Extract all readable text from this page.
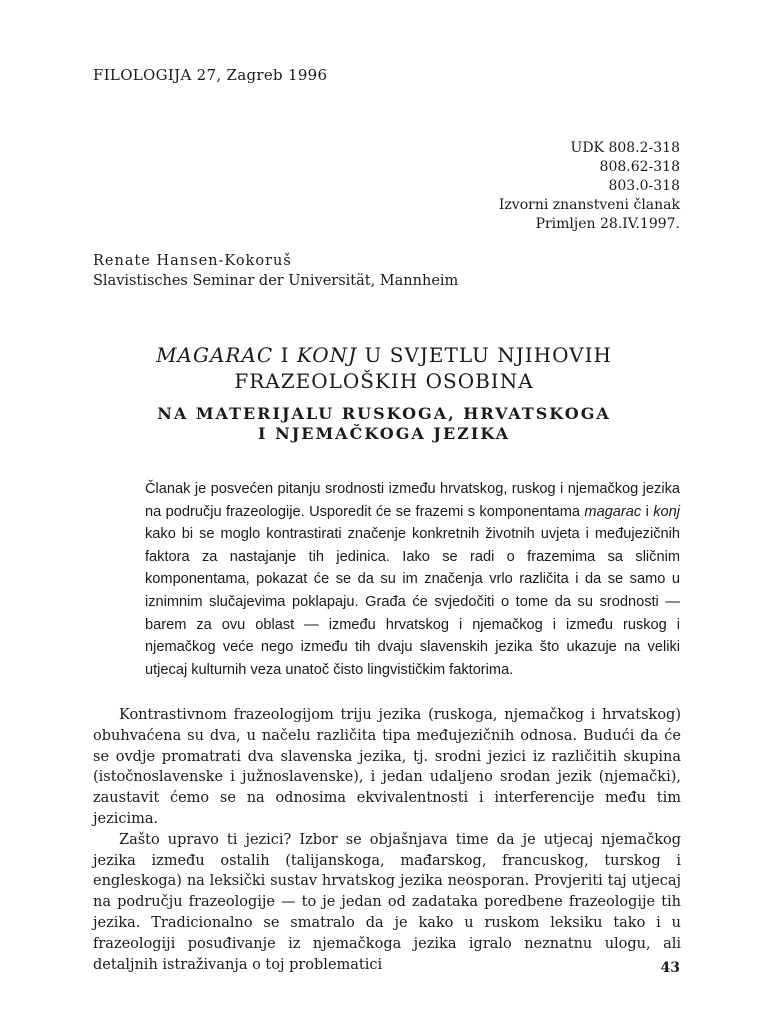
FILOLOGIJA 27, Zagreb 1996
UDK 808.2-318
808.62-318
803.0-318
Izvorni znanstveni članak
Primljen 28.IV.1997.
Renate Hansen-Kokoruš
Slavistisches Seminar der Universität, Mannheim
MAGARAC I KONJ U SVJETLU NJIHOVIH
FRAZEOLOŠKIH OSOBINA
NA MATERIJALU RUSKOGA, HRVATSKOGA
I NJEMAČKOGA JEZIKA
Članak je posvećen pitanju srodnosti između hrvatskog, ruskog i njemačkog jezika na području frazeologije. Usporedit će se frazemi s komponentama magarac i konj kako bi se moglo kontrastirati značenje konkretnih životnih uvjeta i međujezičnih faktora za nastajanje tih jedinica. Iako se radi o frazemima sa sličnim komponentama, pokazat će se da su im značenja vrlo različita i da se samo u iznimnim slučajevima poklapaju. Građa će svjedočiti o tome da su srodnosti — barem za ovu oblast — između hrvatskog i njemačkog i između ruskog i njemačkog veće nego između tih dvaju slavenskih jezika što ukazuje na veliki utjecaj kulturnih veza unatoč čisto lingvističkim faktorima.

Kontrastivnom frazeologijom triju jezika (ruskoga, njemačkog i hrvatskog) obuhvaćena su dva, u načelu različita tipa međujezičnih odnosa. Budući da će se ovdje promatrati dva slavenska jezika, tj. srodni jezici iz različitih skupina (istočnoslavenske i južnoslavenske), i jedan udaljeno srodan jezik (njemački), zaustavit ćemo se na odnosima ekvivalentnosti i interferencije među tim jezicima.

Zašto upravo ti jezici? Izbor se objašnjava time da je utjecaj njemačkog jezika između ostalih (talijanskoga, mađarskog, francuskog, turskog i engleskoga) na leksički sustav hrvatskog jezika neosporan. Provjeriti taj utjecaj na području frazeologije — to je jedan od zadataka poredbene frazeologije tih jezika. Tradicionalno se smatralo da je kako u ruskom leksiku tako i u frazeologiji posuđivanje iz njemačkoga jezika igralo neznatnu ulogu, ali detaljnih istraživanja o toj problematici	43
